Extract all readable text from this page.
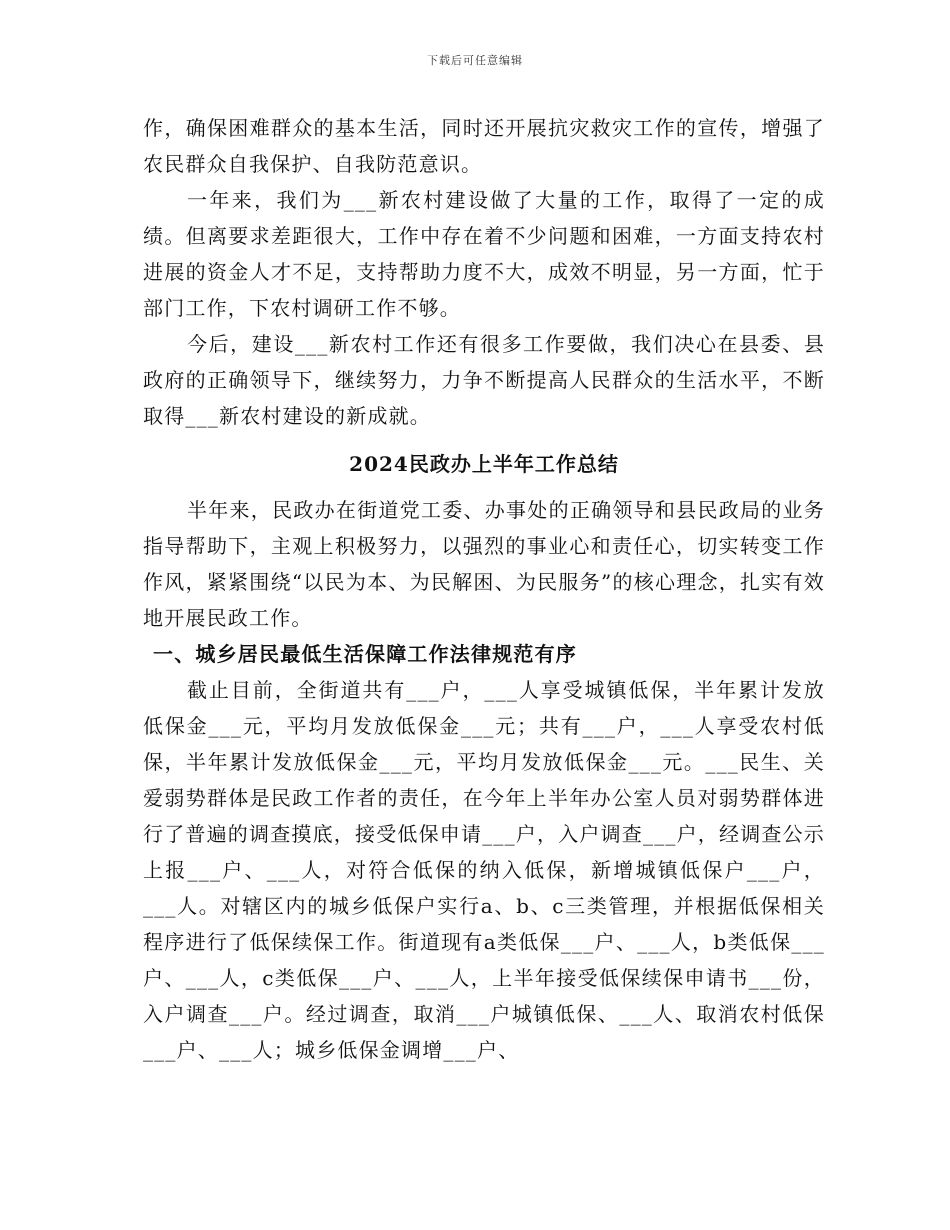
下载后可任意编辑

作，确保困难群众的基本生活，同时还开展抗灾救灾工作的宣传，增强了农民群众自我保护、自我防范意识。

一年来，我们为___新农村建设做了大量的工作，取得了一定的成绩。但离要求差距很大，工作中存在着不少问题和困难，一方面支持农村进展的资金人才不足，支持帮助力度不大，成效不明显，另一方面，忙于部门工作，下农村调研工作不够。

今后，建设___新农村工作还有很多工作要做，我们决心在县委、县政府的正确领导下，继续努力，力争不断提高人民群众的生活水平，不断取得___新农村建设的新成就。

2024民政办上半年工作总结

半年来，民政办在街道党工委、办事处的正确领导和县民政局的业务指导帮助下，主观上积极努力，以强烈的事业心和责任心，切实转变工作作风，紧紧围绕“以民为本、为民解困、为民服务”的核心理念，扎实有效地开展民政工作。

一、城乡居民最低生活保障工作法律规范有序

截止目前，全街道共有___户，___人享受城镇低保，半年累计发放低保金___元，平均月发放低保金___元；共有___户，___人享受农村低保，半年累计发放低保金___元，平均月发放低保金___元。___民生、关爱弱势群体是民政工作者的责任，在今年上半年办公室人员对弱势群体进行了普遍的调查摸底，接受低保申请___户，入户调查___户，经调查公示上报___户、___人，对符合低保的纳入低保，新增城镇低保户___户，___人。对辖区内的城乡低保户实行a、b、c三类管理，并根据低保相关程序进行了低保续保工作。街道现有a类低保___户、___人，b类低保___户、___人，c类低保___户、___人，上半年接受低保续保申请书___份，入户调查___户。经过调查，取消___户城镇低保、___人、取消农村低保___户、___人；城乡低保金调增___户、
